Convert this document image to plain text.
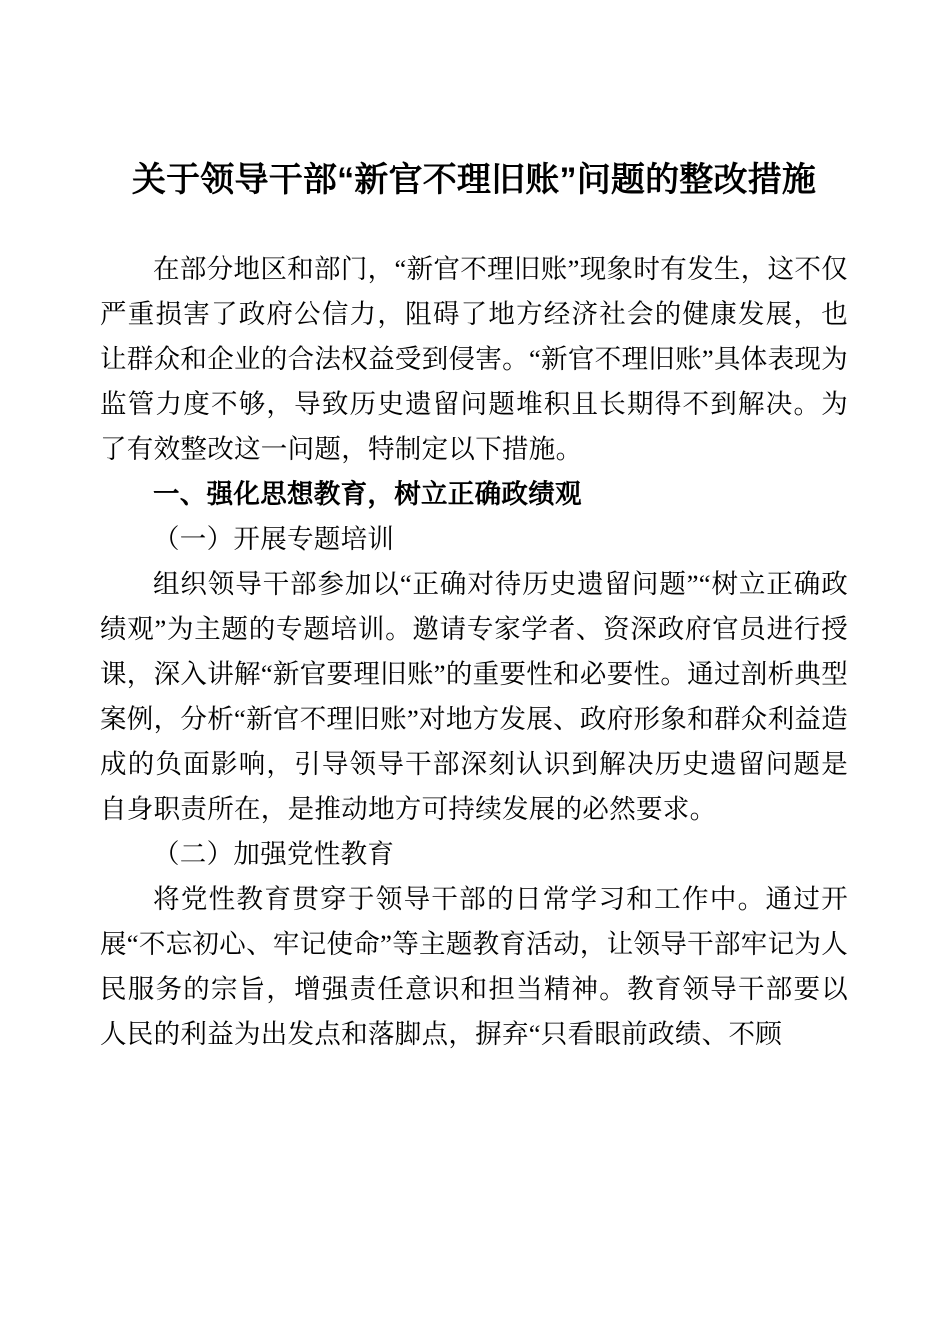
关于领导干部“新官不理旧账”问题的整改措施

在部分地区和部门，“新官不理旧账”现象时有发生，这不仅严重损害了政府公信力，阻碍了地方经济社会的健康发展，也让群众和企业的合法权益受到侵害。“新官不理旧账”具体表现为监管力度不够，导致历史遗留问题堆积且长期得不到解决。为了有效整改这一问题，特制定以下措施。

一、强化思想教育，树立正确政绩观

（一）开展专题培训

组织领导干部参加以“正确对待历史遗留问题”“树立正确政绩观”为主题的专题培训。邀请专家学者、资深政府官员进行授课，深入讲解“新官要理旧账”的重要性和必要性。通过剖析典型案例，分析“新官不理旧账”对地方发展、政府形象和群众利益造成的负面影响，引导领导干部深刻认识到解决历史遗留问题是自身职责所在，是推动地方可持续发展的必然要求。

（二）加强党性教育

将党性教育贯穿于领导干部的日常学习和工作中。通过开展“不忘初心、牢记使命”等主题教育活动，让领导干部牢记为人民服务的宗旨，增强责任意识和担当精神。教育领导干部要以人民的利益为出发点和落脚点，摒弃“只看眼前政绩、不顾
